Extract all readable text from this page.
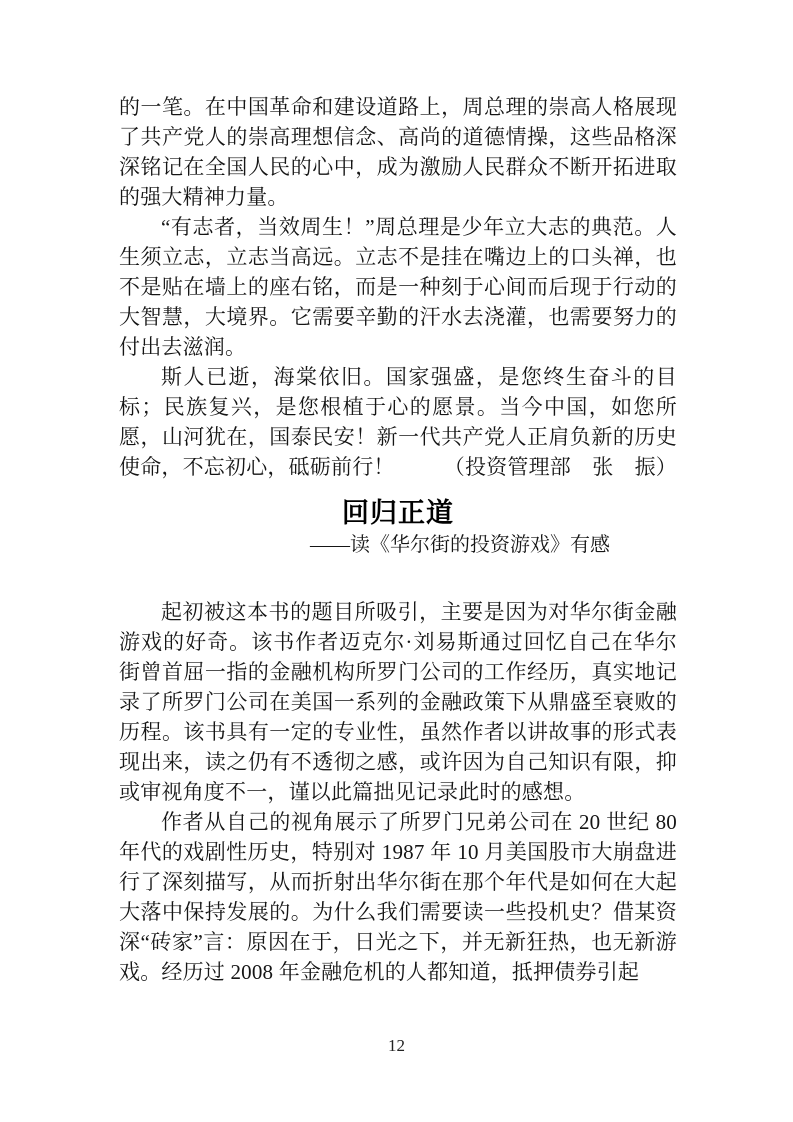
的一笔。在中国革命和建设道路上，周总理的崇高人格展现了共产党人的崇高理想信念、高尚的道德情操，这些品格深深铭记在全国人民的心中，成为激励人民群众不断开拓进取的强大精神力量。

“有志者，当效周生！”周总理是少年立大志的典范。人生须立志，立志当高远。立志不是挂在嘴边上的口头禅，也不是贴在墙上的座右铭，而是一种刻于心间而后现于行动的大智慧，大境界。它需要辛勤的汗水去浇灌，也需要努力的付出去滋润。

斯人已逝，海棠依旧。国家强盛，是您终生奋斗的目标；民族复兴，是您根植于心的愿景。当今中国，如您所愿，山河犹在，国泰民安！新一代共产党人正肩负新的历史使命，不忘初心，砥砺前行！ （投资管理部　张　振）

回归正道
——读《华尔街的投资游戏》有感

起初被这本书的题目所吸引，主要是因为对华尔街金融游戏的好奇。该书作者迈克尔·刘易斯通过回忆自己在华尔街曾首屈一指的金融机构所罗门公司的工作经历，真实地记录了所罗门公司在美国一系列的金融政策下从鼎盛至衰败的历程。该书具有一定的专业性，虽然作者以讲故事的形式表现出来，读之仍有不透彻之感，或许因为自己知识有限，抑或审视角度不一，谨以此篇拙见记录此时的感想。

作者从自己的视角展示了所罗门兄弟公司在 20 世纪 80 年代的戏剧性历史，特别对 1987 年 10 月美国股市大崩盘进行了深刻描写，从而折射出华尔街在那个年代是如何在大起大落中保持发展的。为什么我们需要读一些投机史？借某资深“砖家”言：原因在于，日光之下，并无新狂热，也无新游戏。经历过 2008 年金融危机的人都知道，抵押债券引起

12
